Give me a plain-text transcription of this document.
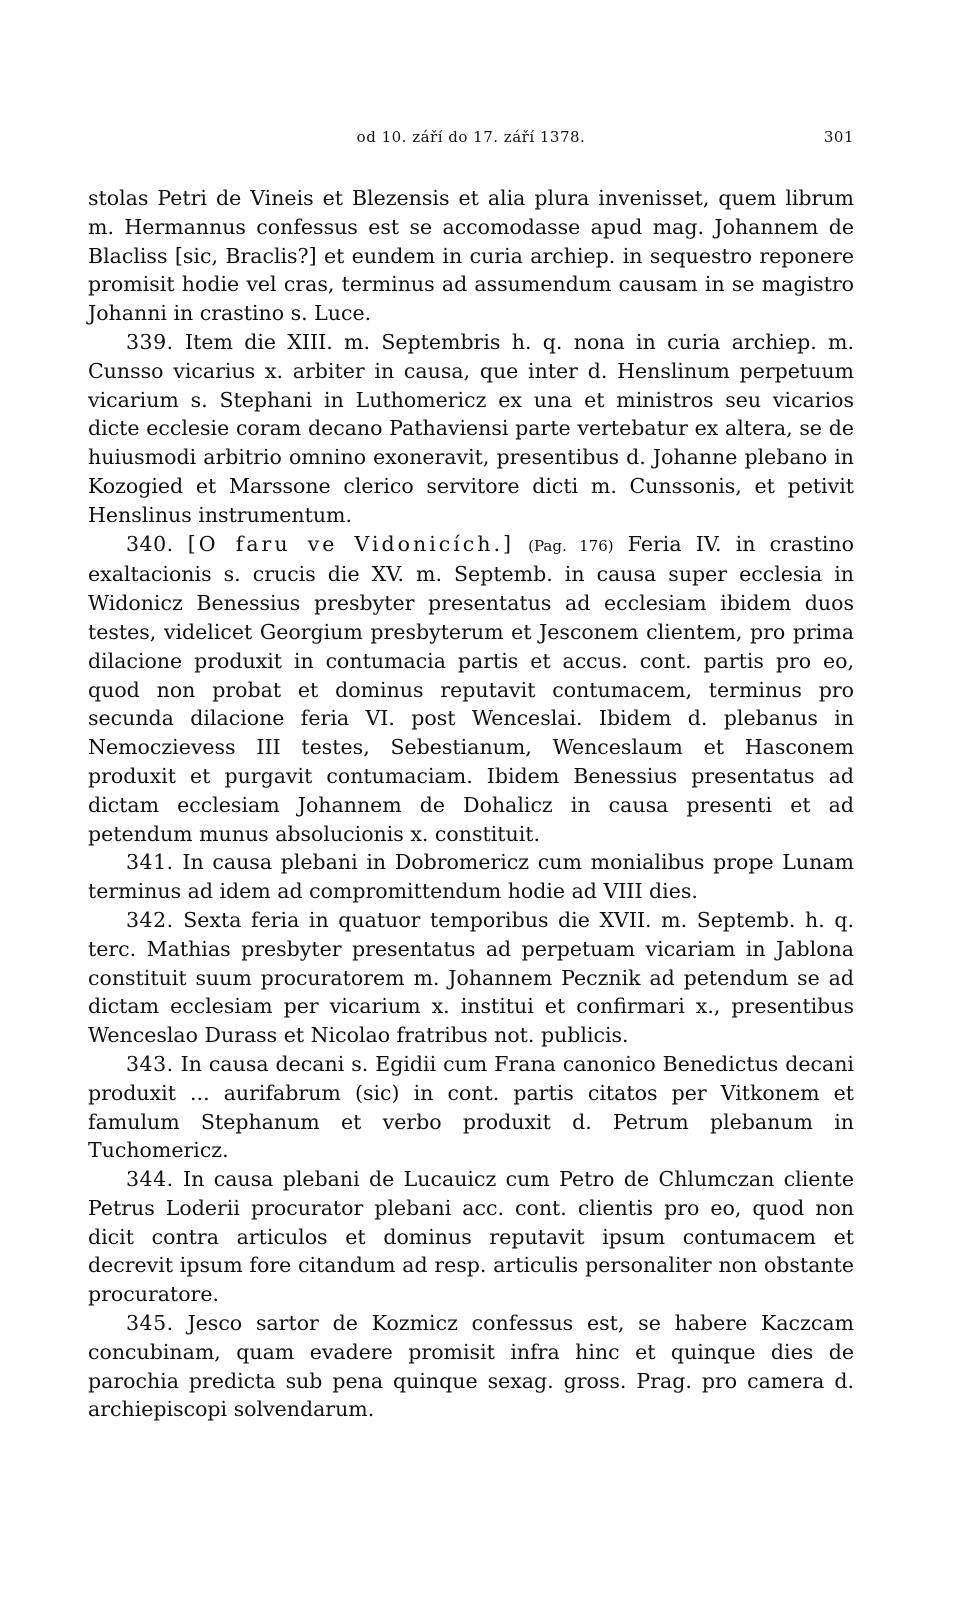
od 10. září do 17. září 1378.	301

stolas Petri de Vineis et Blezensis et alia plura invenisset, quem librum m. Hermannus confessus est se accomodasse apud mag. Johannem de Blacliss [sic, Braclis?] et eundem in curia archiep. in sequestro reponere promisit hodie vel cras, terminus ad assumendum causam in se magistro Johanni in crastino s. Luce.

339. Item die XIII. m. Septembris h. q. nona in curia archiep. m. Cunsso vicarius x. arbiter in causa, que inter d. Henslinum perpetuum vicarium s. Stephani in Luthomericz ex una et ministros seu vicarios dicte ecclesie coram decano Pathaviensi parte vertebatur ex altera, se de huiusmodi arbitrio omnino exoneravit, presentibus d. Johanne plebano in Kozogied et Marssone clerico servitore dicti m. Cunssonis, et petivit Henslinus instrumentum.

340. [O faru ve Vidonicích.] (Pag. 176) Feria IV. in crastino exaltacionis s. crucis die XV. m. Septemb. in causa super ecclesia in Widonicz Benessius presbyter presentatus ad ecclesiam ibidem duos testes, videlicet Georgium presbyterum et Jesconem clientem, pro prima dilacione produxit in contumacia partis et accus. cont. partis pro eo, quod non probat et dominus reputavit contumacem, terminus pro secunda dilacione feria VI. post Wenceslai. Ibidem d. plebanus in Nemoczievess III testes, Sebestianum, Wenceslaum et Hasconem produxit et purgavit contumaciam. Ibidem Benessius presentatus ad dictam ecclesiam Johannem de Dohalicz in causa presenti et ad petendum munus absolucionis x. constituit.

341. In causa plebani in Dobromericz cum monialibus prope Lunam terminus ad idem ad compromittendum hodie ad VIII dies.

342. Sexta feria in quatuor temporibus die XVII. m. Septemb. h. q. terc. Mathias presbyter presentatus ad perpetuam vicariam in Jablona constituit suum procuratorem m. Johannem Pecznik ad petendum se ad dictam ecclesiam per vicarium x. institui et confirmari x., presentibus Wenceslao Durass et Nicolao fratribus not. publicis.

343. In causa decani s. Egidii cum Frana canonico Benedictus decani produxit ... aurifabrum (sic) in cont. partis citatos per Vitkonem et famulum Stephanum et verbo produxit d. Petrum plebanum in Tuchomericz.

344. In causa plebani de Lucauicz cum Petro de Chlumczan cliente Petrus Loderii procurator plebani acc. cont. clientis pro eo, quod non dicit contra articulos et dominus reputavit ipsum contumacem et decrevit ipsum fore citandum ad resp. articulis personaliter non obstante procuratore.

345. Jesco sartor de Kozmicz confessus est, se habere Kaczcam concubinam, quam evadere promisit infra hinc et quinque dies de parochia predicta sub pena quinque sexag. gross. Prag. pro camera d. archiepiscopi solvendarum.
